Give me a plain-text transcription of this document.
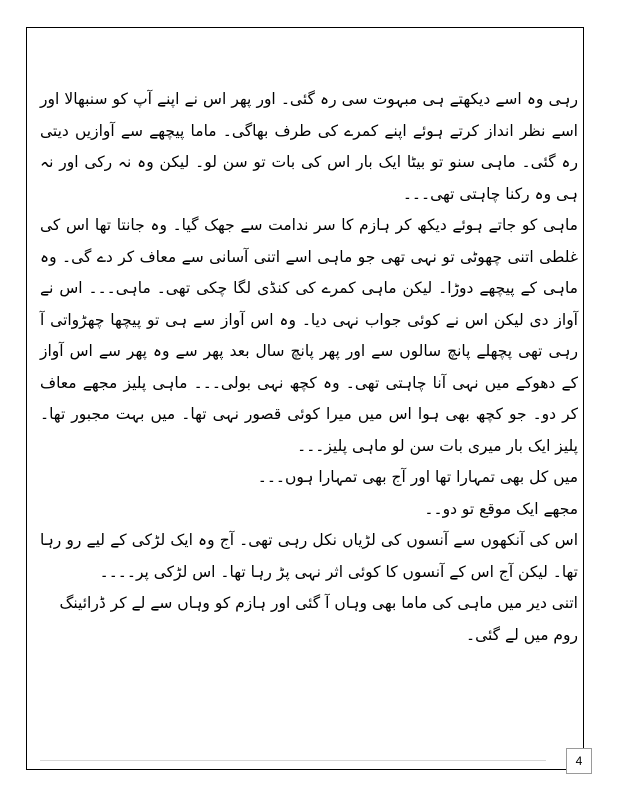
رہی وہ اسے دیکھتے ہی مبہوت سی رہ گئی۔ اور پھر اس نے اپنے آپ کو سنبھالا اور اسے نظر انداز کرتے ہوئے اپنے کمرے کی طرف بھاگی۔ ماما پیچھے سے آوازیں دیتی رہ گئی۔ ماہی سنو تو بیٹا ایک بار اس کی بات تو سن لو۔ لیکن وہ نہ رکی اور نہ ہی وہ رکنا چاہتی تھی۔۔۔

ماہی کو جاتے ہوئے دیکھ کر ہازم کا سر ندامت سے جھک گیا۔ وہ جانتا تھا اس کی غلطی اتنی چھوٹی تو نہی تھی جو ماہی اسے اتنی آسانی سے معاف کر دے گی۔ وہ ماہی کے پیچھے دوڑا۔ لیکن ماہی کمرے کی کنڈی لگا چکی تھی۔ ماہی۔۔۔ اس نے آواز دی لیکن اس نے کوئی جواب نہی دیا۔ وہ اس آواز سے ہی تو پیچھا چھڑواتی آ رہی تھی پچھلے پانچ سالوں سے اور پھر پانچ سال بعد پھر سے وہ پھر سے اس آواز کے دھوکے میں نہی آنا چاہتی تھی۔ وہ کچھ نہی بولی۔۔۔ ماہی پلیز مجھے معاف کر دو۔ جو کچھ بھی ہوا اس میں میرا کوئی قصور نہی تھا۔ میں بہت مجبور تھا۔ پلیز ایک بار میری بات سن لو ماہی پلیز۔۔۔

میں کل بھی تمہارا تھا اور آج بھی تمہارا ہوں۔۔۔

مجھے ایک موقع تو دو۔۔

اس کی آنکھوں سے آنسوں کی لڑیاں نکل رہی تھی۔ آج وہ ایک لڑکی کے لیے رو رہا تھا۔ لیکن آج اس کے آنسوں کا کوئی اثر نہی پڑ رہا تھا۔ اس لڑکی پر۔۔۔۔

اتنی دیر میں ماہی کی ماما بھی وہاں آ گئی اور ہازم کو وہاں سے لے کر ڈرائینگ روم میں لے گئی۔

4
